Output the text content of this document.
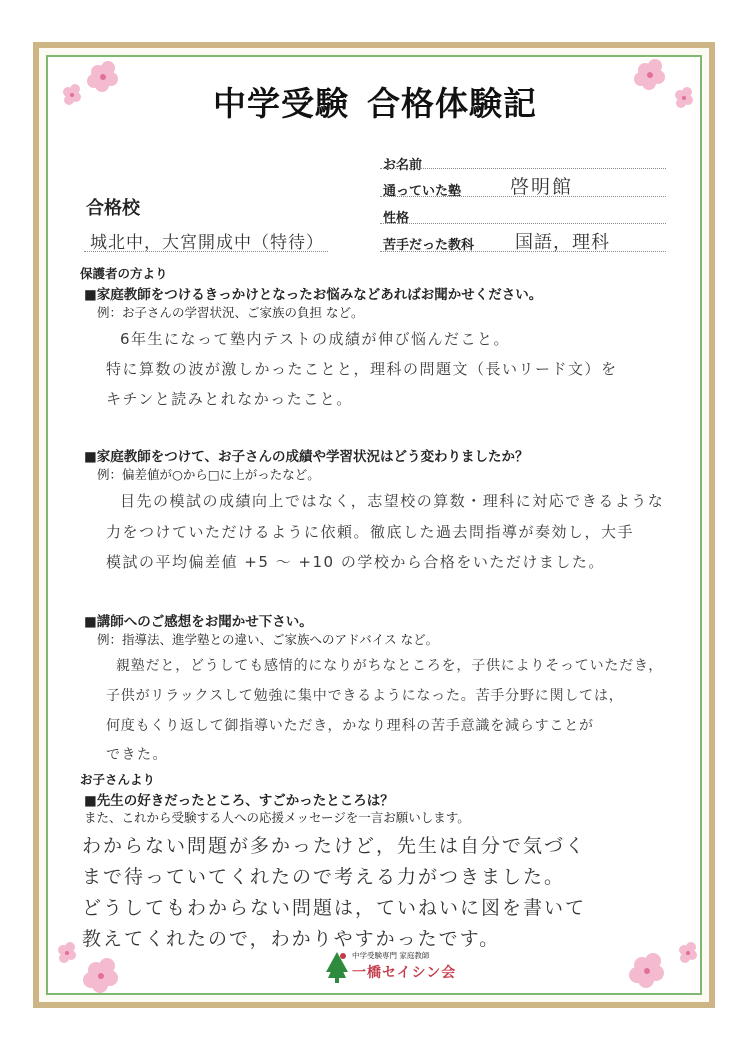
中学受験 合格体験記
お名前
通っていた塾	啓明館
性格
苦手だった教科 国語，理科
合格校
城北中，大宮開成中（特待）
保護者の方より
■家庭教師をつけるきっかけとなったお悩みなどあればお聞かせください。
例：お子さんの学習状況、ご家族の負担 など。
6年生になって塾内テストの成績が伸び悩んだこと。
特に算数の波が激しかったことと，理科の問題文（長いリード文）を
キチンと読みとれなかったこと。
■家庭教師をつけて、お子さんの成績や学習状況はどう変わりましたか？
例：偏差値が○から□に上がったなど。
目先の模試の成績向上ではなく，志望校の算数・理科に対応できるような
力をつけていただけるように依頼。徹底した過去問指導が奏効し，大手
模試の平均偏差値 +5 〜 +10 の学校から合格をいただけました。
■講師へのご感想をお聞かせ下さい。
例：指導法、進学塾との違い、ご家族へのアドバイス など。
親塾だと，どうしても感情的になりがちなところを，子供によりそっていただき，
子供がリラックスして勉強に集中できるようになった。苦手分野に関しては，
何度もくり返して御指導いただき，かなり理科の苦手意識を減らすことが
できた。
お子さんより
■先生の好きだったところ、すごかったところは？
また、これから受験する人への応援メッセージを一言お願いします。
わからない問題が多かったけど，先生は自分で気づく
まで待っていてくれたので考える力がつきました。
どうしてもわからない問題は，ていねいに図を書いて
教えてくれたので，わかりやすかったです。
中学受験専門 家庭教師
一橋セイシン会
